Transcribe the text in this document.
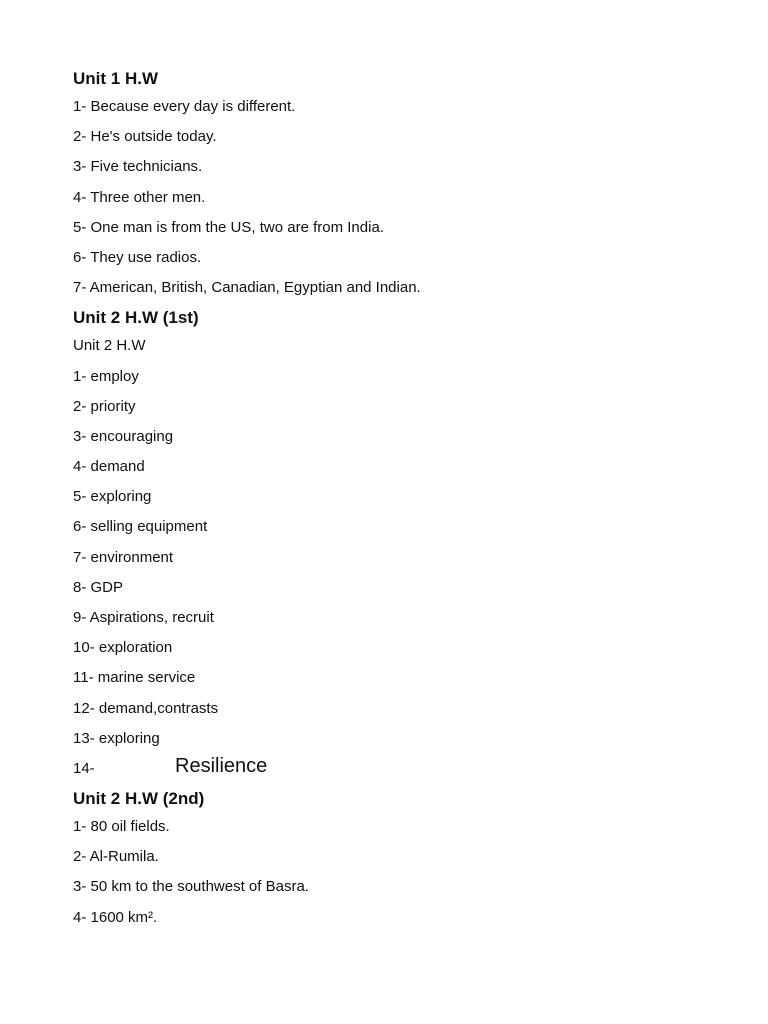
Unit 1 H.W
1- Because every day is different.
2- He's outside today.
3- Five technicians.
4- Three other men.
5- One man is from the US, two are from India.
6- They use radios.
7- American, British, Canadian, Egyptian and Indian.
Unit 2 H.W (1st)
Unit 2 H.W
1- employ
2- priority
3- encouraging
4- demand
5- exploring
6- selling equipment
7- environment
8- GDP
9- Aspirations, recruit
10- exploration
11- marine service
12- demand,contrasts
13- exploring
14-	Resilience
Unit 2 H.W (2nd)
1- 80 oil fields.
2- Al-Rumila.
3- 50 km to the southwest of Basra.
4- 1600 km².
